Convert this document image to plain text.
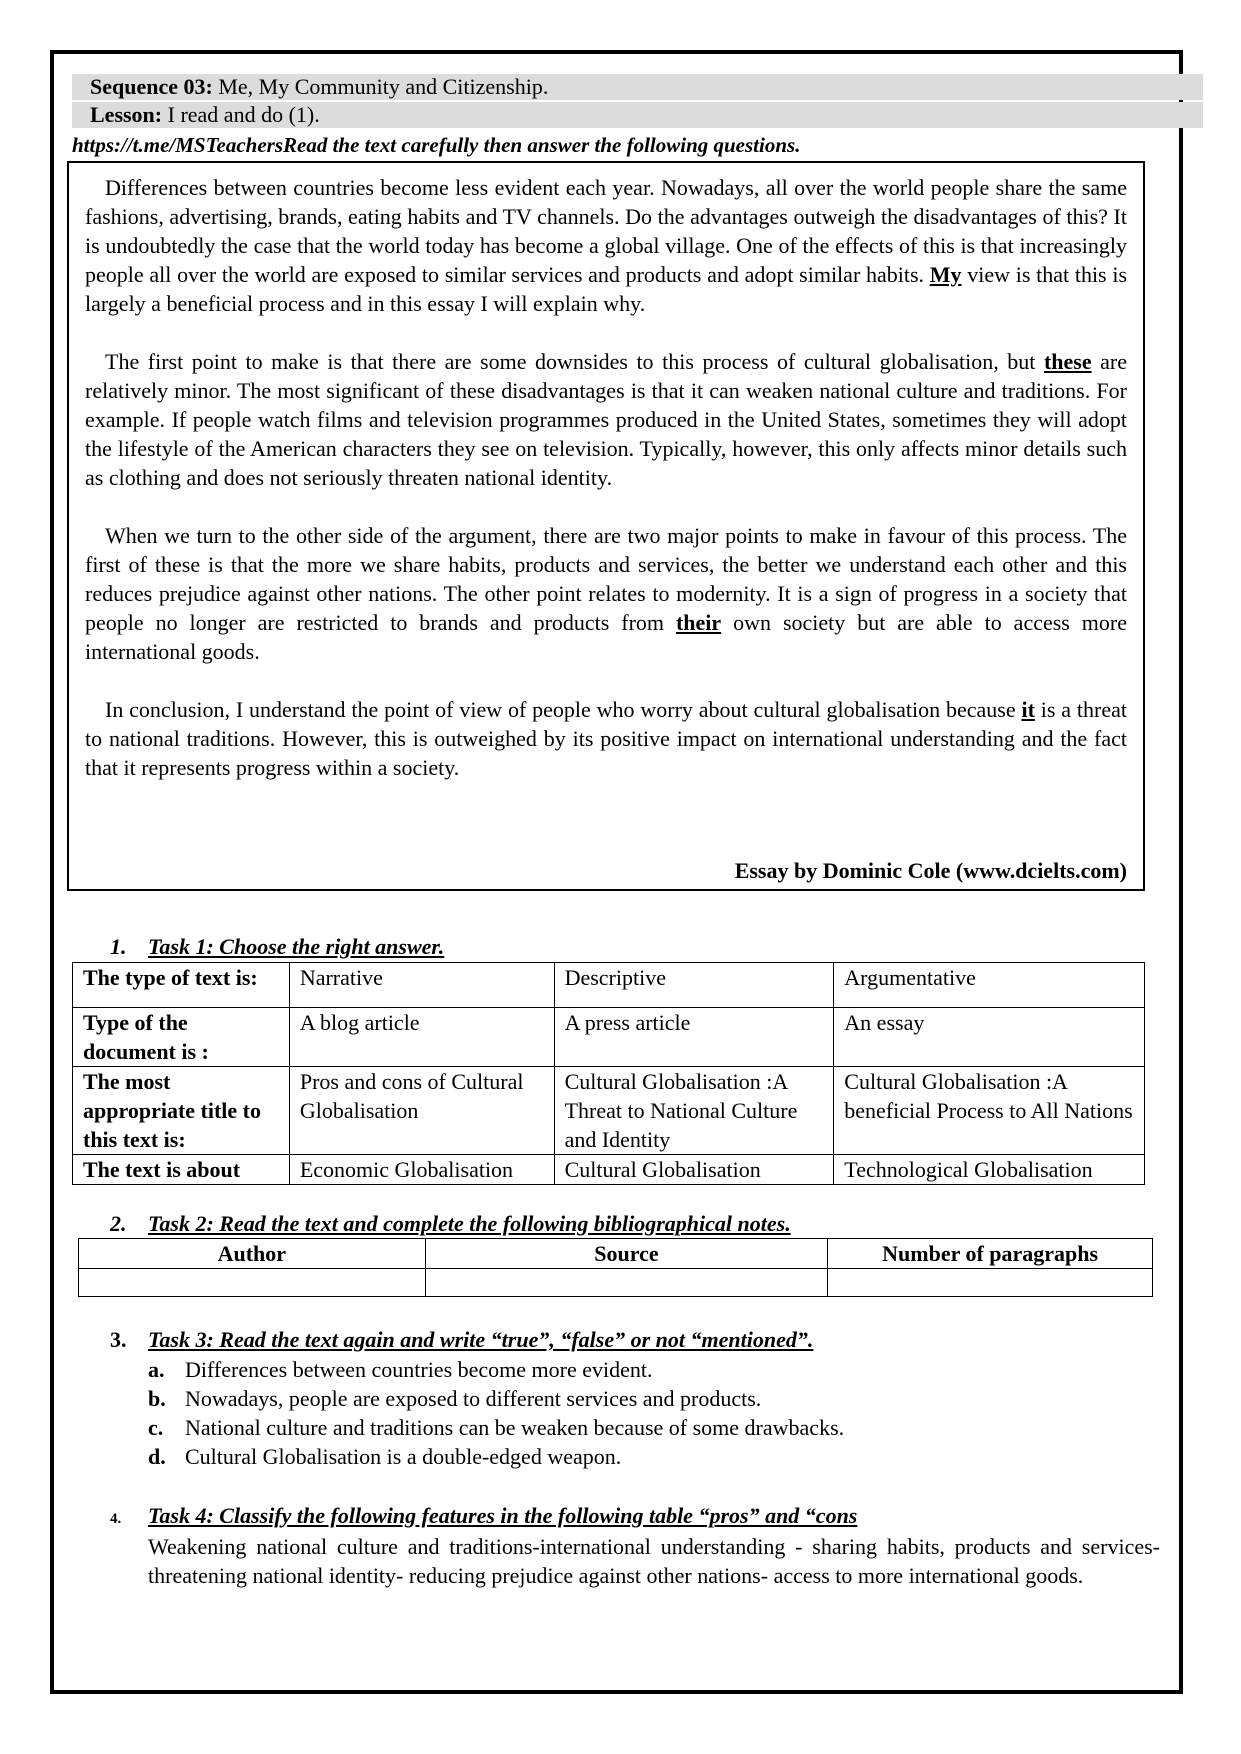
Sequence 03: Me, My Community and Citizenship.
Lesson: I read and do (1).
https://t.me/MSTeachersRead the text carefully then answer the following questions.

Differences between countries become less evident each year. Nowadays, all over the world people share the same fashions, advertising, brands, eating habits and TV channels. Do the advantages outweigh the disadvantages of this? It is undoubtedly the case that the world today has become a global village. One of the effects of this is that increasingly people all over the world are exposed to similar services and products and adopt similar habits. My view is that this is largely a beneficial process and in this essay I will explain why.

The first point to make is that there are some downsides to this process of cultural globalisation, but these are relatively minor. The most significant of these disadvantages is that it can weaken national culture and traditions. For example. If people watch films and television programmes produced in the United States, sometimes they will adopt the lifestyle of the American characters they see on television. Typically, however, this only affects minor details such as clothing and does not seriously threaten national identity.

When we turn to the other side of the argument, there are two major points to make in favour of this process. The first of these is that the more we share habits, products and services, the better we understand each other and this reduces prejudice against other nations. The other point relates to modernity. It is a sign of progress in a society that people no longer are restricted to brands and products from their own society but are able to access more international goods.

In conclusion, I understand the point of view of people who worry about cultural globalisation because it is a threat to national traditions. However, this is outweighed by its positive impact on international understanding and the fact that it represents progress within a society.

Essay by Dominic Cole (www.dcielts.com)
1. Task 1: Choose the right answer.
The type of text is:	Narrative	Descriptive	Argumentative
Type of the document is :	A blog article	A press article	An essay
The most appropriate title to this text is:	Pros and cons of Cultural Globalisation	Cultural Globalisation :A Threat to National Culture and Identity	Cultural Globalisation :A beneficial Process to All Nations
The text is about	Economic Globalisation	Cultural Globalisation	Technological Globalisation
2. Task 2: Read the text and complete the following bibliographical notes.
Author	Source	Number of paragraphs

3. Task 3: Read the text again and write “true”, “false” or not “mentioned”.
a. Differences between countries become more evident.
b. Nowadays, people are exposed to different services and products.
c. National culture and traditions can be weaken because of some drawbacks.
d. Cultural Globalisation is a double-edged weapon.
4. Task 4: Classify the following features in the following table “pros” and “cons
Weakening national culture and traditions-international understanding - sharing habits, products and services-threatening national identity- reducing prejudice against other nations- access to more international goods.
